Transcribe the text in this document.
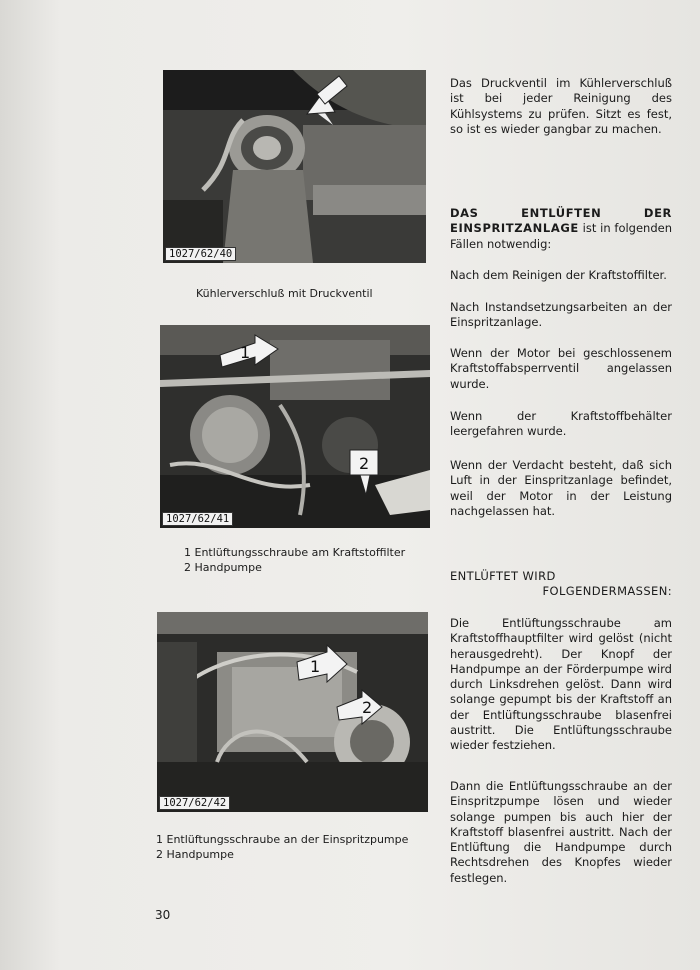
1027/62/40
Kühlerverschluß mit Druckventil
1
2
1027/62/41
1 Entlüftungsschraube am Kraftstoffilter
2 Handpumpe
1
2
1027/62/42
1 Entlüftungsschraube an der Einspritzpumpe
2 Handpumpe
Das Druckventil im Kühlerverschluß ist bei jeder Reinigung des Kühlsystems zu prüfen. Sitzt es fest, so ist es wieder gangbar zu machen.
DAS ENTLÜFTEN DER EINSPRITZANLAGE ist in folgenden Fällen notwendig:
Nach dem Reinigen der Kraftstoffilter.
Nach Instandsetzungsarbeiten an der Einspritzanlage.
Wenn der Motor bei geschlossenem Kraftstoffabsperrventil angelassen wurde.
Wenn der Kraftstoffbehälter leergefahren wurde.
Wenn der Verdacht besteht, daß sich Luft in der Einspritzanlage befindet, weil der Motor in der Leistung nachgelassen hat.
ENTLÜFTET WIRD
FOLGENDERMASSEN:
Die Entlüftungsschraube am Kraftstoffhauptfilter wird gelöst (nicht herausgedreht). Der Knopf der Handpumpe an der Förderpumpe wird durch Linksdrehen gelöst. Dann wird solange gepumpt bis der Kraftstoff an der Entlüftungsschraube blasenfrei austritt. Die Entlüftungsschraube wieder festziehen.
Dann die Entlüftungsschraube an der Einspritzpumpe lösen und wieder solange pumpen bis auch hier der Kraftstoff blasenfrei austritt. Nach der Entlüftung die Handpumpe durch Rechtsdrehen des Knopfes wieder festlegen.
30
